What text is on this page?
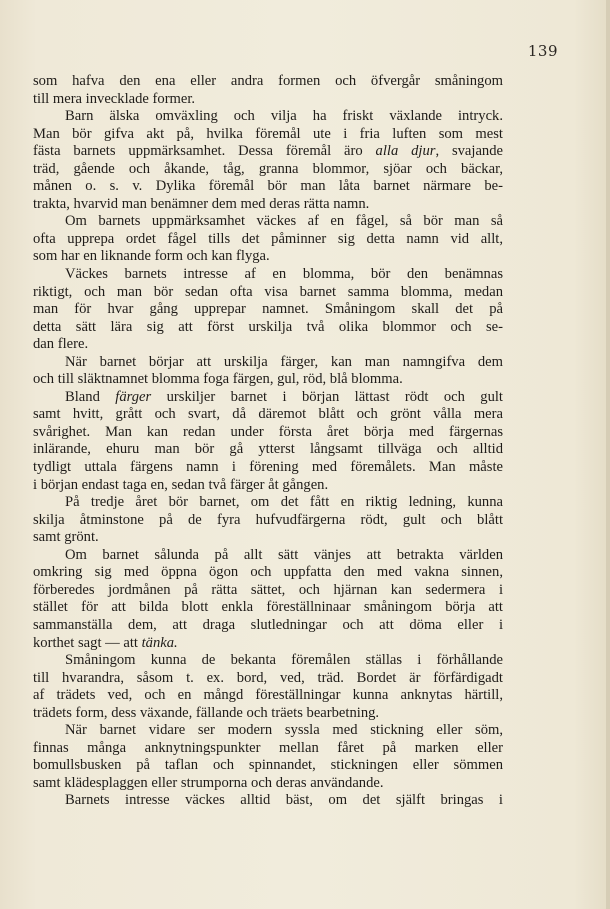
139
som hafva den ena eller andra formen och öfvergår småningom
till mera invecklade former.
Barn älska omväxling och vilja ha friskt växlande intryck.
Man bör gifva akt på, hvilka föremål ute i fria luften som mest
fästa barnets uppmärksamhet. Dessa föremål äro alla djur, svajande
träd, gående och åkande, tåg, granna blommor, sjöar och bäckar,
månen o. s. v. Dylika föremål bör man låta barnet närmare be-
trakta, hvarvid man benämner dem med deras rätta namn.
Om barnets uppmärksamhet väckes af en fågel, så bör man så
ofta upprepa ordet fågel tills det påminner sig detta namn vid allt,
som har en liknande form och kan flyga.
Väckes barnets intresse af en blomma, bör den benämnas
riktigt, och man bör sedan ofta visa barnet samma blomma, medan
man för hvar gång upprepar namnet. Småningom skall det på
detta sätt lära sig att först urskilja två olika blommor och se-
dan flere.
När barnet börjar att urskilja färger, kan man namngifva dem
och till släktnamnet blomma foga färgen, gul, röd, blå blomma.
Bland färger urskiljer barnet i början lättast rödt och gult
samt hvitt, grått och svart, då däremot blått och grönt vålla mera
svårighet. Man kan redan under första året börja med färgernas
inlärande, ehuru man bör gå ytterst långsamt tillväga och alltid
tydligt uttala färgens namn i förening med föremålets. Man måste
i början endast taga en, sedan två färger åt gången.
På tredje året bör barnet, om det fått en riktig ledning, kunna
skilja åtminstone på de fyra hufvudfärgerna rödt, gult och blått
samt grönt.
Om barnet sålunda på allt sätt vänjes att betrakta världen
omkring sig med öppna ögon och uppfatta den med vakna sinnen,
förberedes jordmånen på rätta sättet, och hjärnan kan sedermera i
stället för att bilda blott enkla föreställninaar småningom börja att
sammanställa dem, att draga slutledningar och att döma eller i
korthet sagt — att tänka.
Småningom kunna de bekanta föremålen ställas i förhållande
till hvarandra, såsom t. ex. bord, ved, träd. Bordet är förfärdigadt
af trädets ved, och en mångd föreställningar kunna anknytas härtill,
trädets form, dess växande, fällande och träets bearbetning.
När barnet vidare ser modern syssla med stickning eller söm,
finnas många anknytningspunkter mellan fåret på marken eller
bomullsbusken på taflan och spinnandet, stickningen eller sömmen
samt klädesplaggen eller strumporna och deras användande.
Barnets intresse väckes alltid bäst, om det själft bringas i
